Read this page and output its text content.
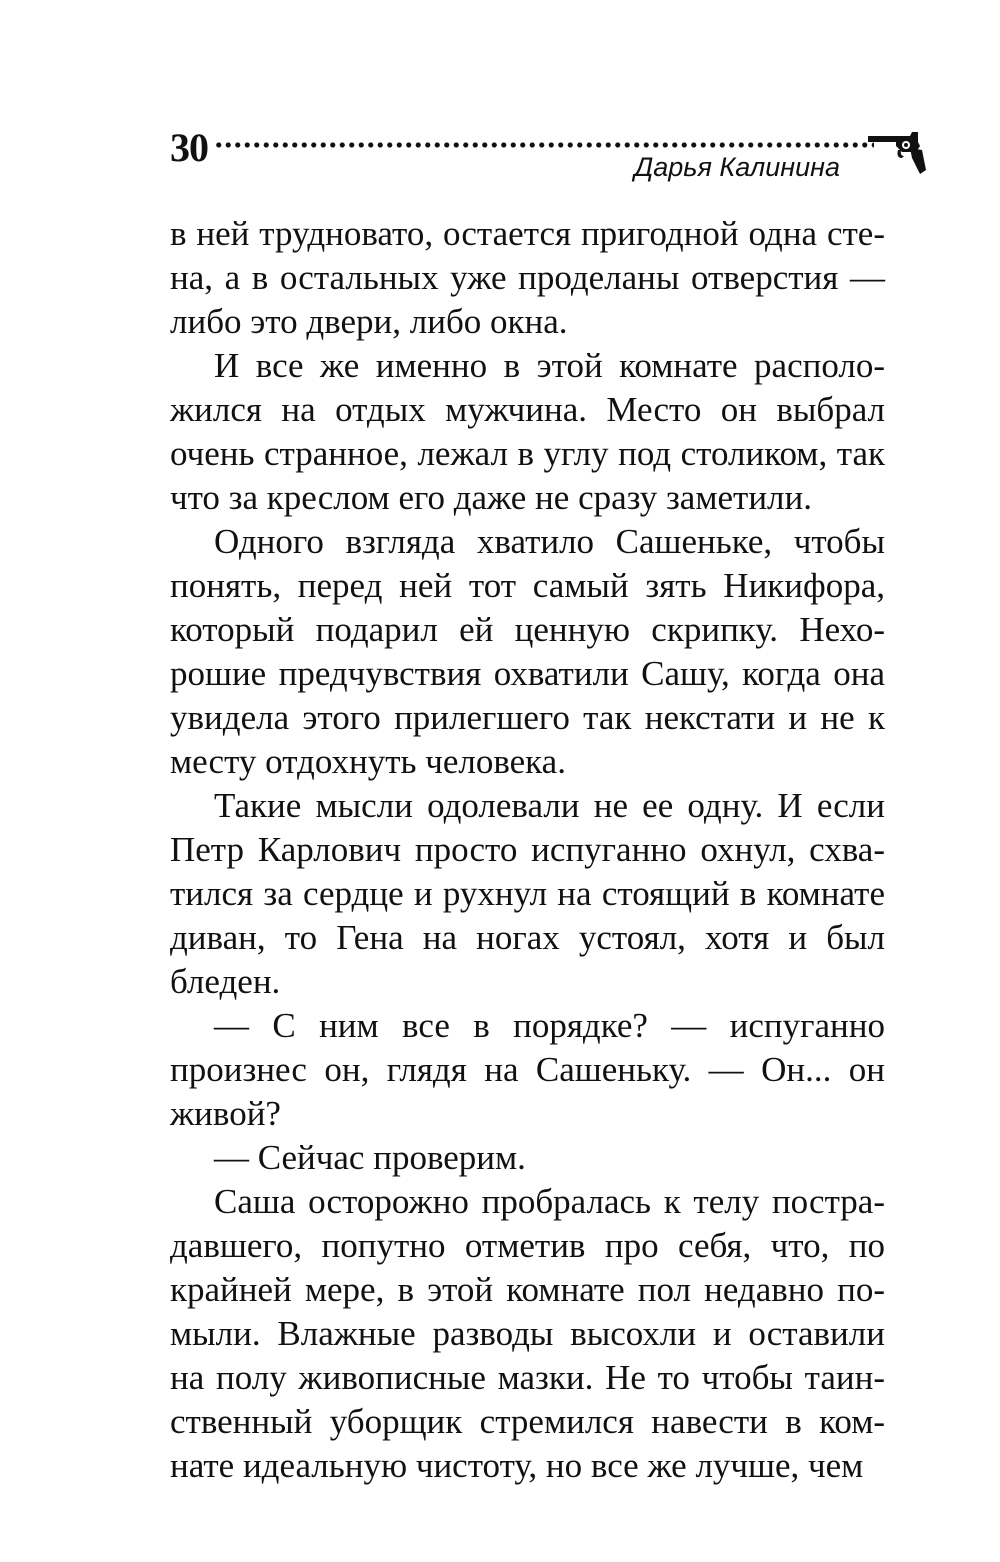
30	Дарья Калинина

в ней трудновато, остается пригодной одна стена, а в остальных уже проделаны отверстия — либо это двери, либо окна.

И все же именно в этой комнате расположился на отдых мужчина. Место он выбрал очень странное, лежал в углу под столиком, так что за креслом его даже не сразу заметили.

Одного взгляда хватило Сашеньке, чтобы понять, перед ней тот самый зять Никифора, который подарил ей ценную скрипку. Нехорошие предчувствия охватили Сашу, когда она увидела этого прилегшего так некстати и не к месту отдохнуть человека.

Такие мысли одолевали не ее одну. И если Петр Карлович просто испуганно охнул, схватился за сердце и рухнул на стоящий в комнате диван, то Гена на ногах устоял, хотя и был бледен.

— С ним все в порядке? — испуганно произнес он, глядя на Сашеньку. — Он... он живой?

— Сейчас проверим.

Саша осторожно пробралась к телу пострадавшего, попутно отметив про себя, что, по крайней мере, в этой комнате пол недавно помыли. Влажные разводы высохли и оставили на полу живописные мазки. Не то чтобы таинственный уборщик стремился навести в комнате идеальную чистоту, но все же лучше, чем
